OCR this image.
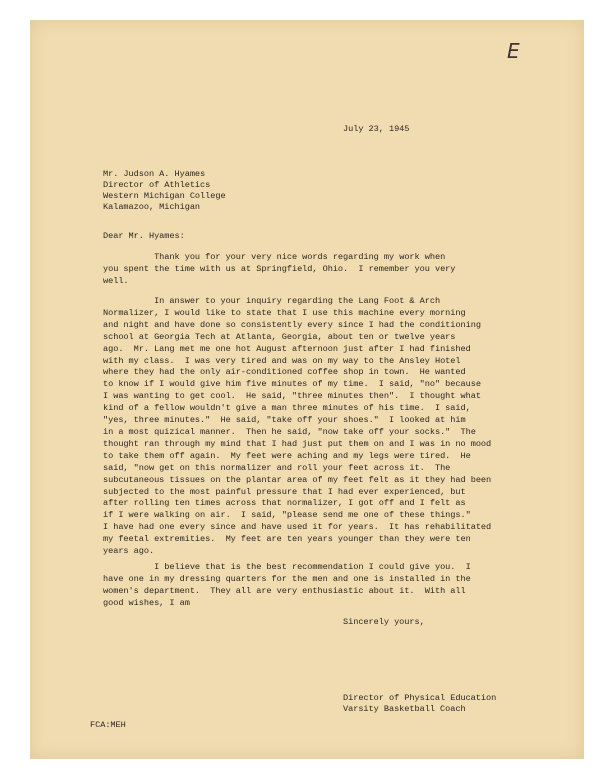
E
July 23, 1945
Mr. Judson A. Hyames
Director of Athletics
Western Michigan College
Kalamazoo, Michigan
Dear Mr. Hyames:
Thank you for your very nice words regarding my work when
you spent the time with us at Springfield, Ohio.  I remember you very
well.
In answer to your inquiry regarding the Lang Foot & Arch
Normalizer, I would like to state that I use this machine every morning
and night and have done so consistently every since I had the conditioning
school at Georgia Tech at Atlanta, Georgia, about ten or twelve years
ago.  Mr. Lang met me one hot August afternoon just after I had finished
with my class.  I was very tired and was on my way to the Ansley Hotel
where they had the only air-conditioned coffee shop in town.  He wanted
to know if I would give him five minutes of my time.  I said, "no" because
I was wanting to get cool.  He said, "three minutes then".  I thought what
kind of a fellow wouldn't give a man three minutes of his time.  I said,
"yes, three minutes."  He said, "take off your shoes."  I looked at him
in a most quizical manner.  Then he said, "now take off your socks."  The
thought ran through my mind that I had just put them on and I was in no mood
to take them off again.  My feet were aching and my legs were tired.  He
said, "now get on this normalizer and roll your feet across it.  The
subcutaneous tissues on the plantar area of my feet felt as it they had been
subjected to the most painful pressure that I had ever experienced, but
after rolling ten times across that normalizer, I got off and I felt as
if I were walking on air.  I said, "please send me one of these things."
I have had one every since and have used it for years.  It has rehabilitated
my feetal extremities.  My feet are ten years younger than they were ten
years ago.
I believe that is the best recommendation I could give you.  I
have one in my dressing quarters for the men and one is installed in the
women's department.  They all are very enthusiastic about it.  With all
good wishes, I am
Sincerely yours,
Director of Physical Education
Varsity Basketball Coach
FCA:MEH
